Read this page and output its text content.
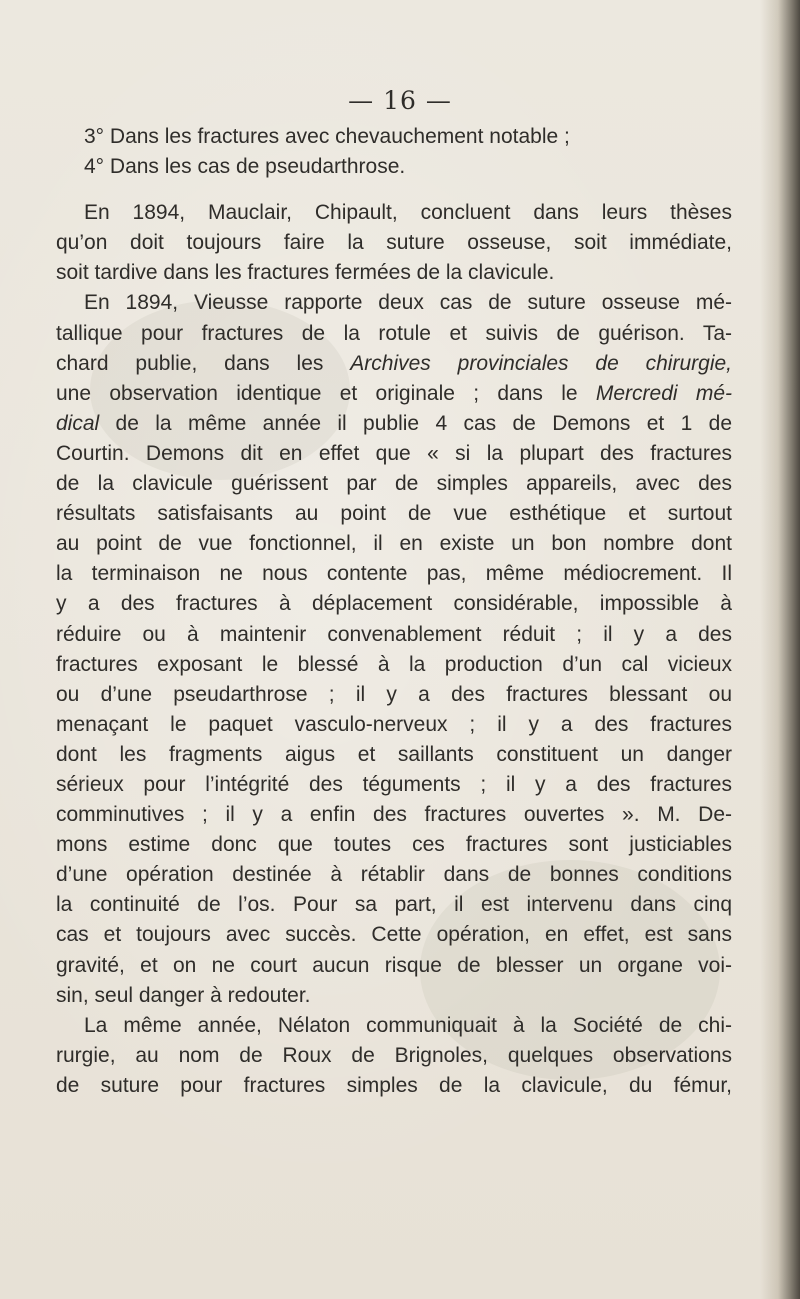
— 16 —
3° Dans les fractures avec chevauchement notable ;
4° Dans les cas de pseudarthrose.
En 1894, Mauclair, Chipault, concluent dans leurs thèses
qu’on doit toujours faire la suture osseuse, soit immédiate,
soit tardive dans les fractures fermées de la clavicule.
En 1894, Vieusse rapporte deux cas de suture osseuse mé-
tallique pour fractures de la rotule et suivis de guérison. Ta-
chard publie, dans les Archives provinciales de chirurgie,
une observation identique et originale ; dans le Mercredi mé-
dical de la même année il publie 4 cas de Demons et 1 de
Courtin. Demons dit en effet que « si la plupart des fractures
de la clavicule guérissent par de simples appareils, avec des
résultats satisfaisants au point de vue esthétique et surtout
au point de vue fonctionnel, il en existe un bon nombre dont
la terminaison ne nous contente pas, même médiocrement. Il
y a des fractures à déplacement considérable, impossible à
réduire ou à maintenir convenablement réduit ; il y a des
fractures exposant le blessé à la production d’un cal vicieux
ou d’une pseudarthrose ; il y a des fractures blessant ou
menaçant le paquet vasculo-nerveux ; il y a des fractures
dont les fragments aigus et saillants constituent un danger
sérieux pour l’intégrité des téguments ; il y a des fractures
comminutives ; il y a enfin des fractures ouvertes ». M. De-
mons estime donc que toutes ces fractures sont justiciables
d’une opération destinée à rétablir dans de bonnes conditions
la continuité de l’os. Pour sa part, il est intervenu dans cinq
cas et toujours avec succès. Cette opération, en effet, est sans
gravité, et on ne court aucun risque de blesser un organe voi-
sin, seul danger à redouter.
La même année, Nélaton communiquait à la Société de chi-
rurgie, au nom de Roux de Brignoles, quelques observations
de suture pour fractures simples de la clavicule, du fémur,
